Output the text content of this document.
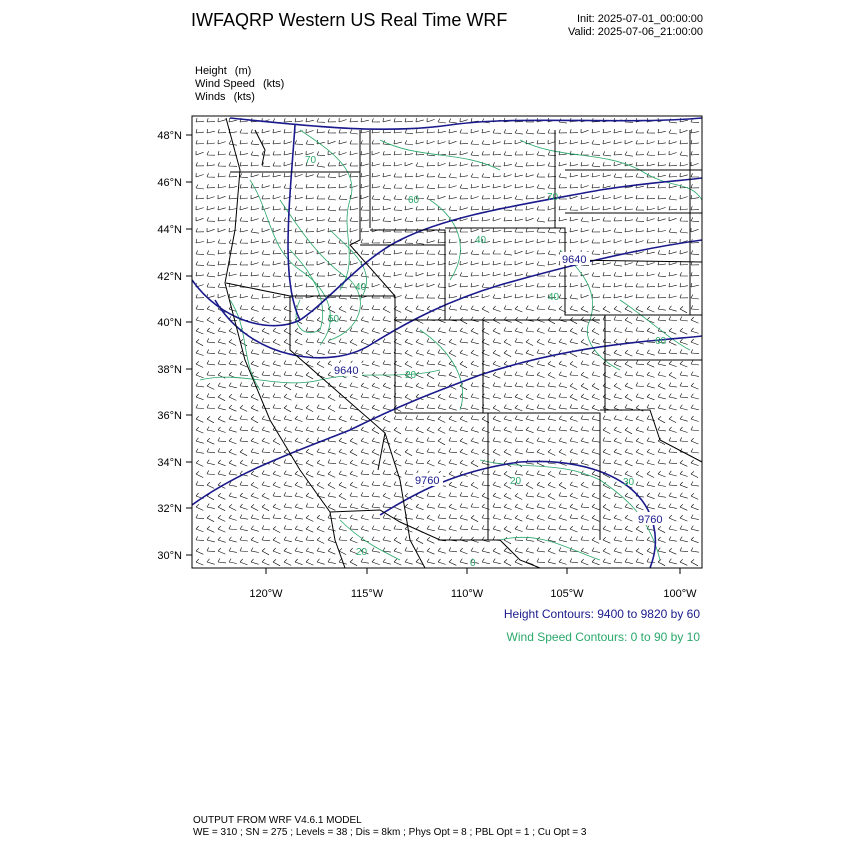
IWFAQRP Western US Real Time WRF	Init: 2025-07-01_00:00:00
Valid: 2025-07-06_21:00:00
Height (m)
Wind Speed (kts)
Winds (kts)
9640
9640
9760
9760
70
60
40
50
20
70
40
60
30
20
20
40
0
48°N
46°N
44°N
42°N
40°N
38°N
36°N
34°N
32°N
30°N
120°W	115°W	110°W	105°W	100°W
Height Contours: 9400 to 9820 by 60
Wind Speed Contours: 0 to 90 by 10
OUTPUT FROM WRF V4.6.1 MODEL
WE = 310 ; SN = 275 ; Levels = 38 ; Dis = 8km ; Phys Opt = 8 ; PBL Opt = 1 ; Cu Opt = 3
